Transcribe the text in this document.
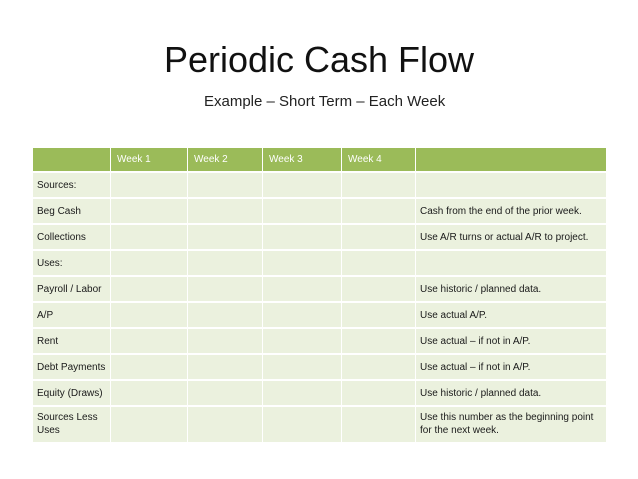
Periodic Cash Flow
Example – Short Term – Each Week
	Week 1	Week 2	Week 3	Week 4	
Sources:					
Beg Cash					Cash from the end of the prior week.
Collections					Use A/R turns or actual A/R to project.
Uses:					
Payroll / Labor					Use historic / planned data.
A/P					Use actual A/P.
Rent					Use actual – if not in A/P.
Debt Payments					Use actual – if not in A/P.
Equity (Draws)					Use historic / planned data.
Sources Less Uses					Use this number as the beginning point for the next week.
